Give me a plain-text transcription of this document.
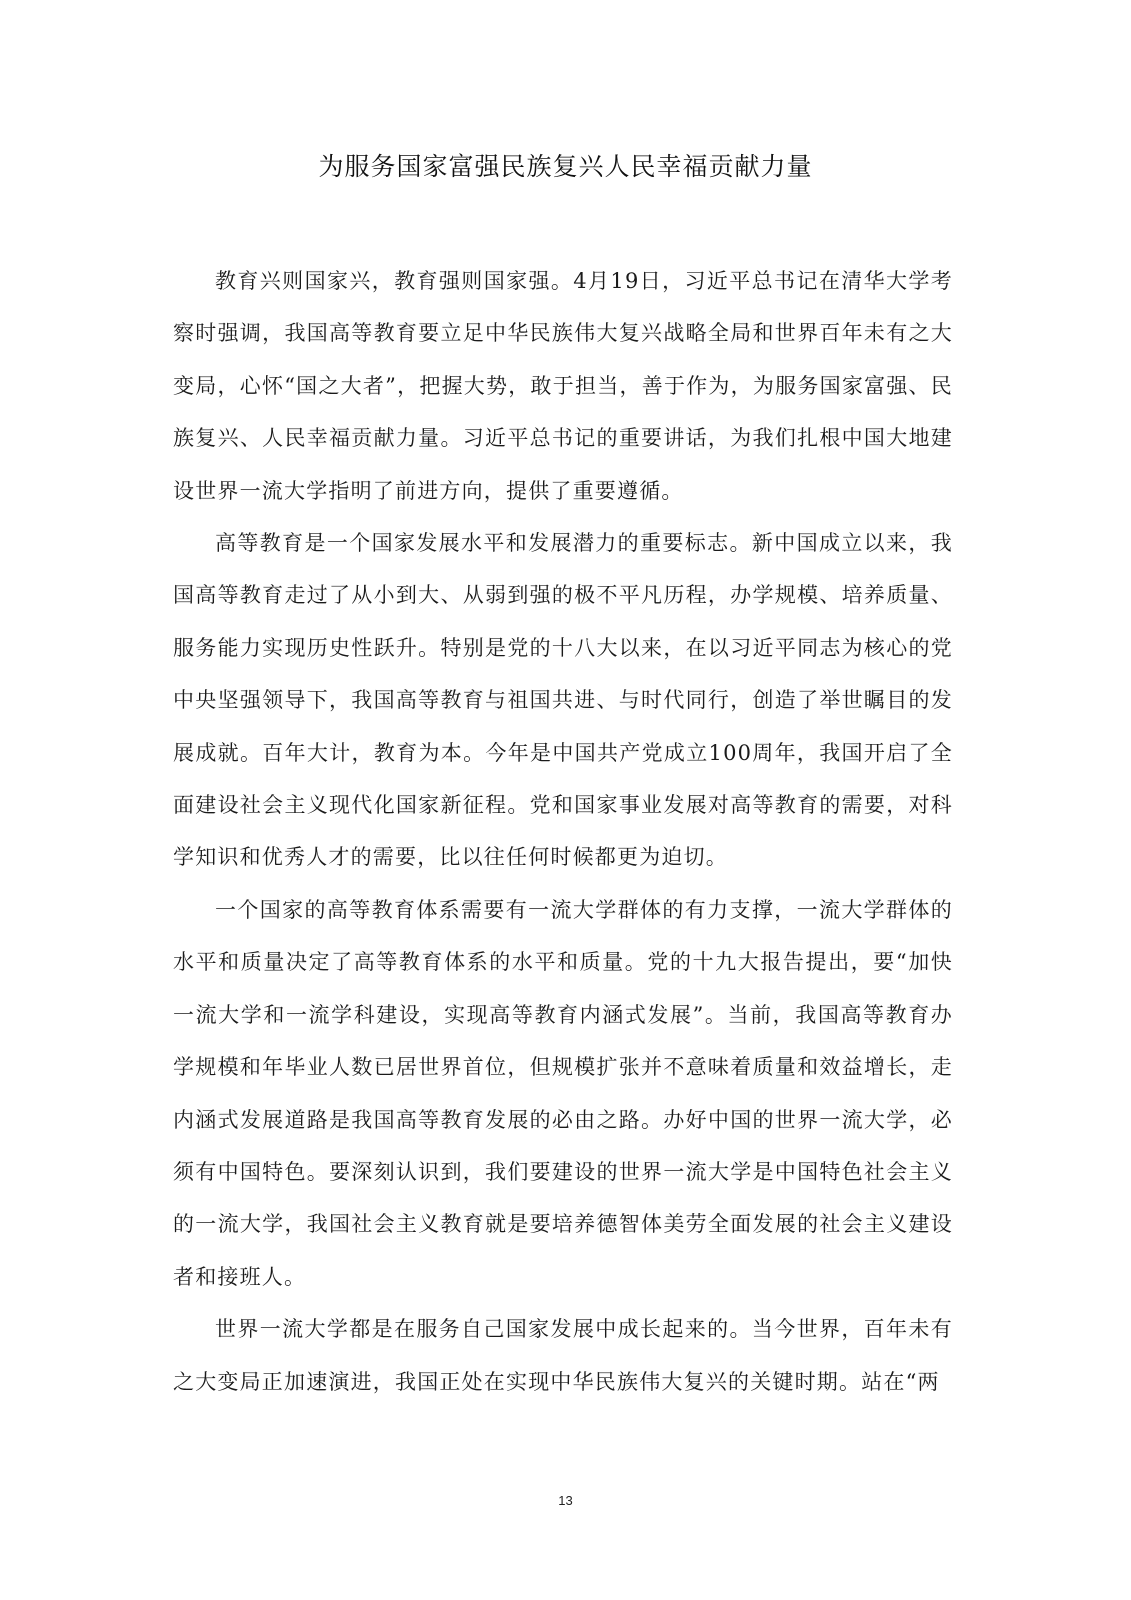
为服务国家富强民族复兴人民幸福贡献力量

教育兴则国家兴，教育强则国家强。4月19日，习近平总书记在清华大学考察时强调，我国高等教育要立足中华民族伟大复兴战略全局和世界百年未有之大变局，心怀“国之大者”，把握大势，敢于担当，善于作为，为服务国家富强、民族复兴、人民幸福贡献力量。习近平总书记的重要讲话，为我们扎根中国大地建设世界一流大学指明了前进方向，提供了重要遵循。

高等教育是一个国家发展水平和发展潜力的重要标志。新中国成立以来，我国高等教育走过了从小到大、从弱到强的极不平凡历程，办学规模、培养质量、服务能力实现历史性跃升。特别是党的十八大以来，在以习近平同志为核心的党中央坚强领导下，我国高等教育与祖国共进、与时代同行，创造了举世瞩目的发展成就。百年大计，教育为本。今年是中国共产党成立100周年，我国开启了全面建设社会主义现代化国家新征程。党和国家事业发展对高等教育的需要，对科学知识和优秀人才的需要，比以往任何时候都更为迫切。

一个国家的高等教育体系需要有一流大学群体的有力支撑，一流大学群体的水平和质量决定了高等教育体系的水平和质量。党的十九大报告提出，要“加快一流大学和一流学科建设，实现高等教育内涵式发展”。当前，我国高等教育办学规模和年毕业人数已居世界首位，但规模扩张并不意味着质量和效益增长，走内涵式发展道路是我国高等教育发展的必由之路。办好中国的世界一流大学，必须有中国特色。要深刻认识到，我们要建设的世界一流大学是中国特色社会主义的一流大学，我国社会主义教育就是要培养德智体美劳全面发展的社会主义建设者和接班人。

世界一流大学都是在服务自己国家发展中成长起来的。当今世界，百年未有之大变局正加速演进，我国正处在实现中华民族伟大复兴的关键时期。站在“两

13
